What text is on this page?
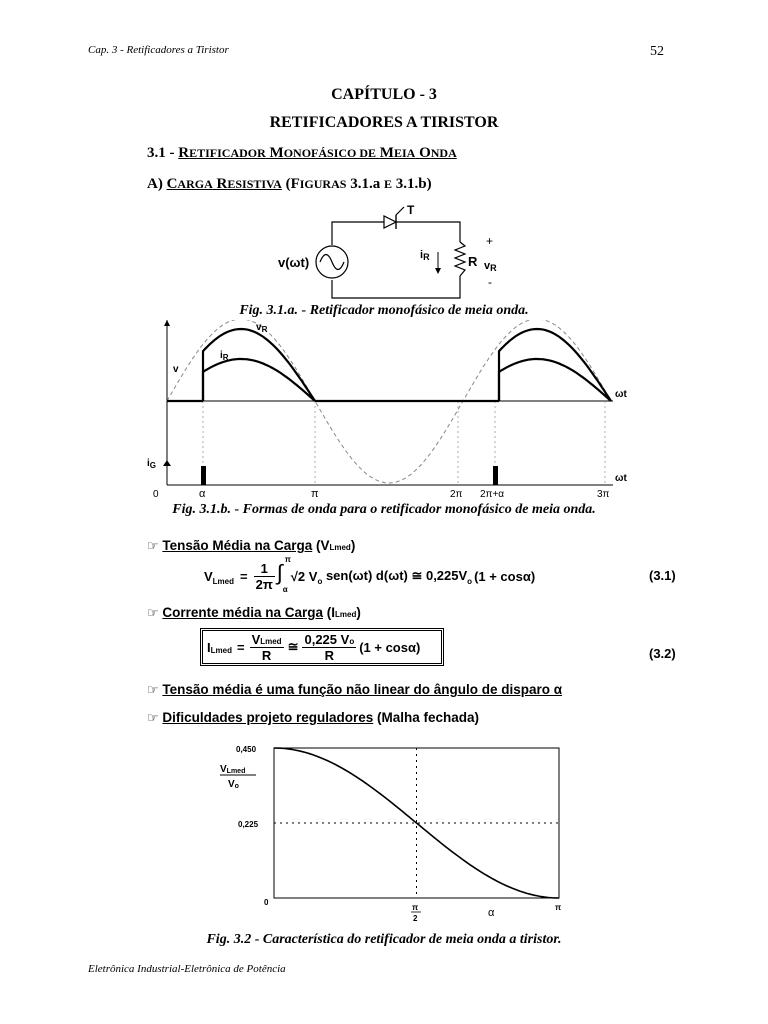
Cap. 3 - Retificadores a Tiristor	52
CAPÍTULO - 3
RETIFICADORES A TIRISTOR
3.1 - RETIFICADOR MONOFÁSICO DE MEIA ONDA
A) CARGA RESISTIVA (FIGURAS 3.1.a E 3.1.b)
T
v(ωt)	R
iR
+
vR
-
Fig. 3.1.a. - Retificador monofásico de meia onda.
$v_R$
$i_R$
v
ωt
$i_G$
ωt
0	α	π	2π 2π+α	3π
Fig. 3.1.b. - Formas de onda para o retificador monofásico de meia onda.
☞ Tensão Média na Carga (VLmed)
V Lmed = $\frac{1}{2\pi}$ ∫
π
α
√2 V o sen(ωt) d(ωt) ≅ 0,225V o (1 + cosα)	(3.1)
☞ Corrente média na Carga (ILmed)
I Lmed = $\frac{\text{VLmed}}{R}$ ≅ $\frac{0,225 Vo}{R} (1 + \cos\alpha)$	(3.2)
☞ Tensão média é uma função não linear do ângulo de disparo α
☞ Dificuldades projeto reguladores (Malha fechada)
0,450
0,225
0
VLmed
Vo
π
2	α	π
Fig. 3.2 - Característica do retificador de meia onda a tiristor.
Eletrônica Industrial-Eletrônica de Potência
